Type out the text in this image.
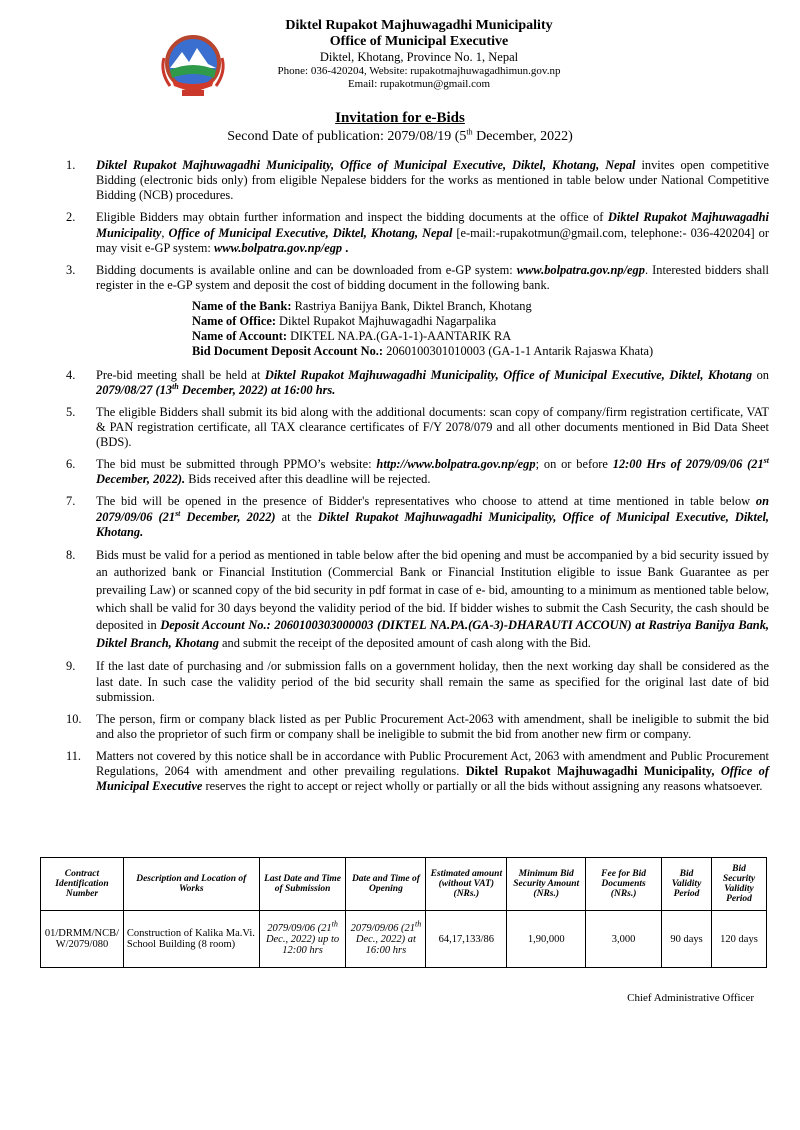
Diktel Rupakot Majhuwagadhi Municipality
Office of Municipal Executive
Diktel, Khotang, Province No. 1, Nepal
Phone: 036-420204, Website: rupakotmajhuwagadhimun.gov.np
Email: rupakotmun@gmail.com
Invitation for e-Bids
Second Date of publication: 2079/08/19 (5th December, 2022)
1.	Diktel Rupakot Majhuwagadhi Municipality, Office of Municipal Executive, Diktel, Khotang, Nepal invites open competitive Bidding (electronic bids only) from eligible Nepalese bidders for the works as mentioned in table below under National Competitive Bidding (NCB) procedures.
2.	Eligible Bidders may obtain further information and inspect the bidding documents at the office of Diktel Rupakot Majhuwagadhi Municipality, Office of Municipal Executive, Diktel, Khotang, Nepal [e-mail:-rupakotmun@gmail.com, telephone:- 036-420204] or may visit e-GP system: www.bolpatra.gov.np/egp .
3.	Bidding documents is available online and can be downloaded from e-GP system: www.bolpatra.gov.np/egp. Interested bidders shall register in the e-GP system and deposit the cost of bidding document in the following bank.
Name of the Bank: Rastriya Banijya Bank, Diktel Branch, Khotang
Name of Office: Diktel Rupakot Majhuwagadhi Nagarpalika
Name of Account: DIKTEL NA.PA.(GA-1-1)-AANTARIK RA
Bid Document Deposit Account No.: 2060100301010003 (GA-1-1 Antarik Rajaswa Khata)
4.	Pre-bid meeting shall be held at Diktel Rupakot Majhuwagadhi Municipality, Office of Municipal Executive, Diktel, Khotang on 2079/08/27 (13th December, 2022) at 16:00 hrs.
5.	The eligible Bidders shall submit its bid along with the additional documents: scan copy of company/firm registration certificate, VAT & PAN registration certificate, all TAX clearance certificates of F/Y 2078/079 and all other documents mentioned in Bid Data Sheet (BDS).
6.	The bid must be submitted through PPMO’s website: http://www.bolpatra.gov.np/egp; on or before 12:00 Hrs of 2079/09/06 (21st December, 2022). Bids received after this deadline will be rejected.
7.	The bid will be opened in the presence of Bidder's representatives who choose to attend at time mentioned in table below on 2079/09/06 (21st December, 2022) at the Diktel Rupakot Majhuwagadhi Municipality, Office of Municipal Executive, Diktel, Khotang.
8.	Bids must be valid for a period as mentioned in table below after the bid opening and must be accompanied by a bid security issued by an authorized bank or Financial Institution (Commercial Bank or Financial Institution eligible to issue Bank Guarantee as per prevailing Law) or scanned copy of the bid security in pdf format in case of e- bid, amounting to a minimum as mentioned table below, which shall be valid for 30 days beyond the validity period of the bid. If bidder wishes to submit the Cash Security, the cash should be deposited in Deposit Account No.: 2060100303000003 (DIKTEL NA.PA.(GA-3)-DHARAUTI ACCOUN) at Rastriya Banijya Bank, Diktel Branch, Khotang and submit the receipt of the deposited amount of cash along with the Bid.
9.	If the last date of purchasing and /or submission falls on a government holiday, then the next working day shall be considered as the last date. In such case the validity period of the bid security shall remain the same as specified for the original last date of bid submission.
10.	The person, firm or company black listed as per Public Procurement Act-2063 with amendment, shall be ineligible to submit the bid and also the proprietor of such firm or company shall be ineligible to submit the bid from another new firm or company.
11.	Matters not covered by this notice shall be in accordance with Public Procurement Act, 2063 with amendment and Public Procurement Regulations, 2064 with amendment and other prevailing regulations. Diktel Rupakot Majhuwagadhi Municipality, Office of Municipal Executive reserves the right to accept or reject wholly or partially or all the bids without assigning any reasons whatsoever.
Contract Identification Number	Description and Location of Works	Last Date and Time of Submission	Date and Time of Opening	Estimated amount (without VAT) (NRs.)	Minimum Bid Security Amount (NRs.)	Fee for Bid Documents (NRs.)	Bid Validity Period	Bid Security Validity Period
01/DRMM/NCB/W/2079/080	Construction of Kalika Ma.Vi. School Building (8 room)	2079/09/06 (21th Dec., 2022) up to 12:00 hrs	2079/09/06 (21th Dec., 2022) at 16:00 hrs	64,17,133/86	1,90,000	3,000	90 days	120 days
Chief Administrative Officer
